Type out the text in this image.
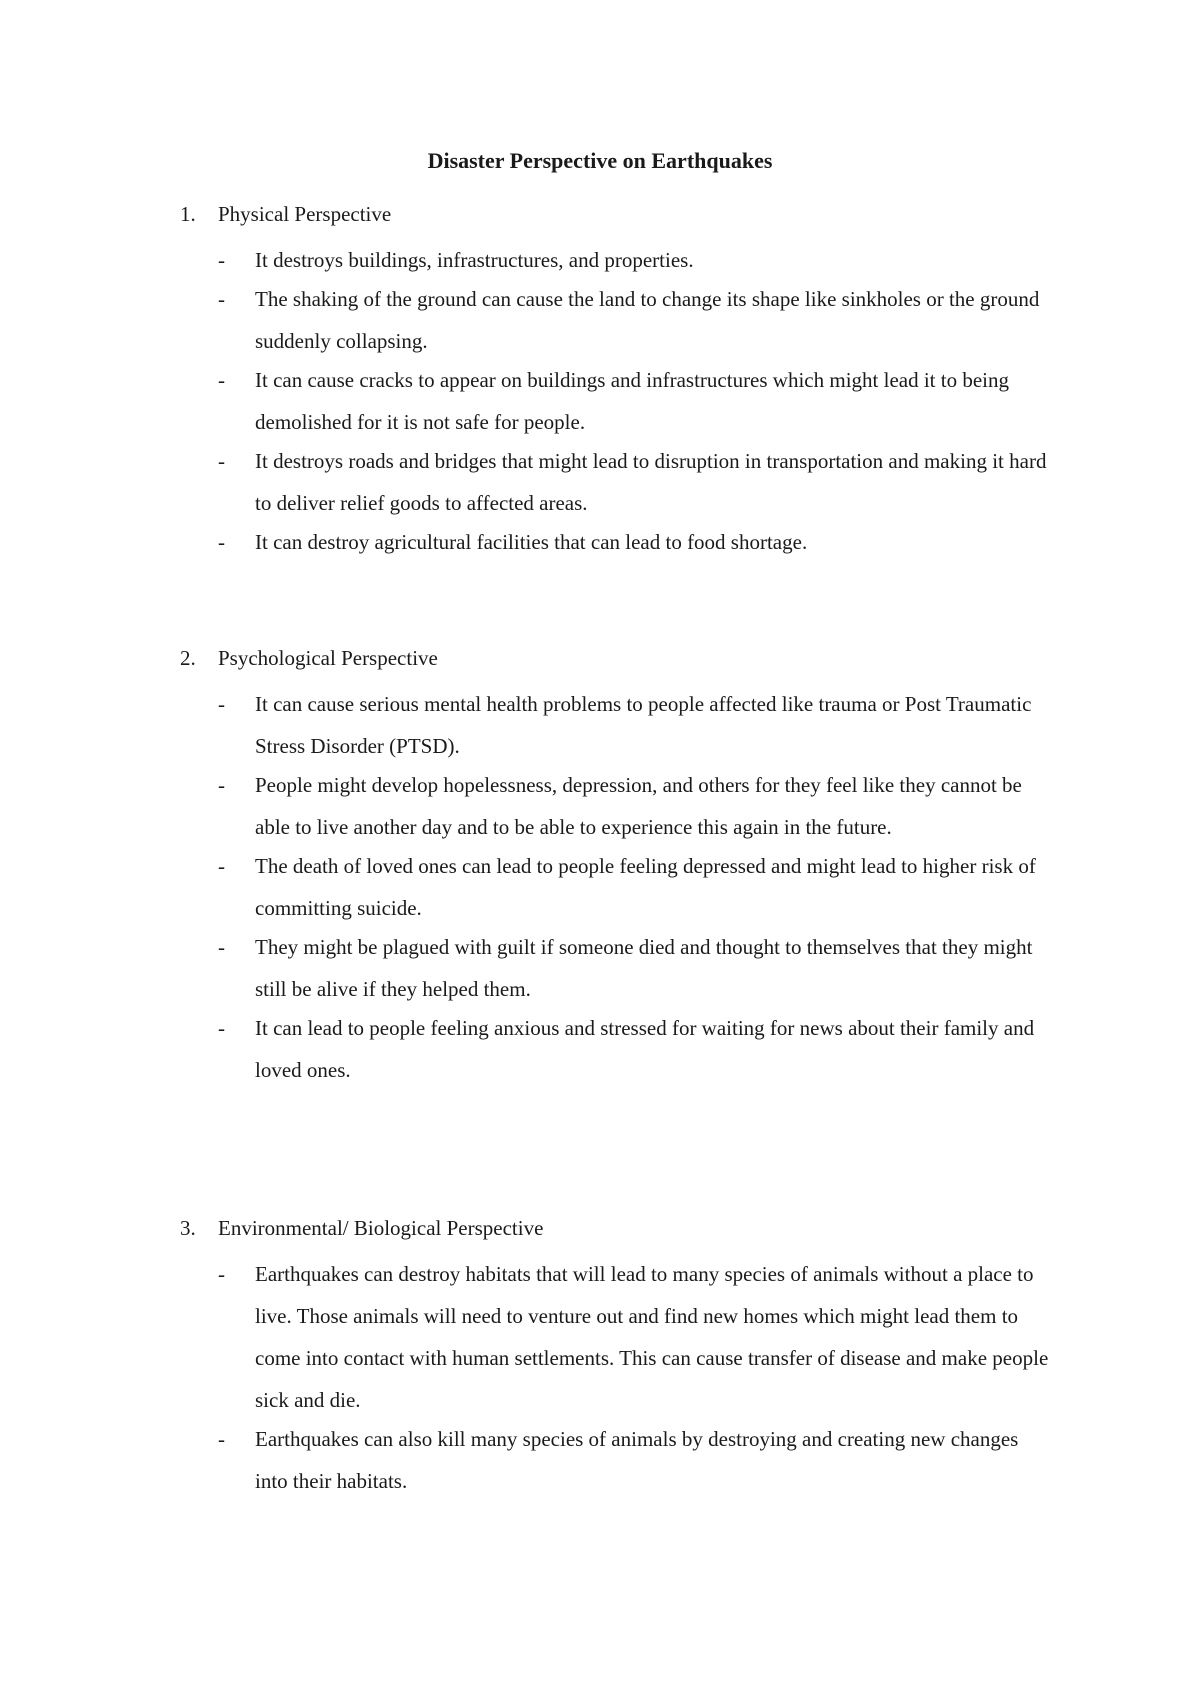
Disaster Perspective on Earthquakes
1. Physical Perspective
- It destroys buildings, infrastructures, and properties.
- The shaking of the ground can cause the land to change its shape like sinkholes or the ground suddenly collapsing.
- It can cause cracks to appear on buildings and infrastructures which might lead it to being demolished for it is not safe for people.
- It destroys roads and bridges that might lead to disruption in transportation and making it hard to deliver relief goods to affected areas.
- It can destroy agricultural facilities that can lead to food shortage.
2. Psychological Perspective
- It can cause serious mental health problems to people affected like trauma or Post Traumatic Stress Disorder (PTSD).
- People might develop hopelessness, depression, and others for they feel like they cannot be able to live another day and to be able to experience this again in the future.
- The death of loved ones can lead to people feeling depressed and might lead to higher risk of committing suicide.
- They might be plagued with guilt if someone died and thought to themselves that they might still be alive if they helped them.
- It can lead to people feeling anxious and stressed for waiting for news about their family and loved ones.
3. Environmental/ Biological Perspective
- Earthquakes can destroy habitats that will lead to many species of animals without a place to live. Those animals will need to venture out and find new homes which might lead them to come into contact with human settlements. This can cause transfer of disease and make people sick and die.
- Earthquakes can also kill many species of animals by destroying and creating new changes into their habitats.
